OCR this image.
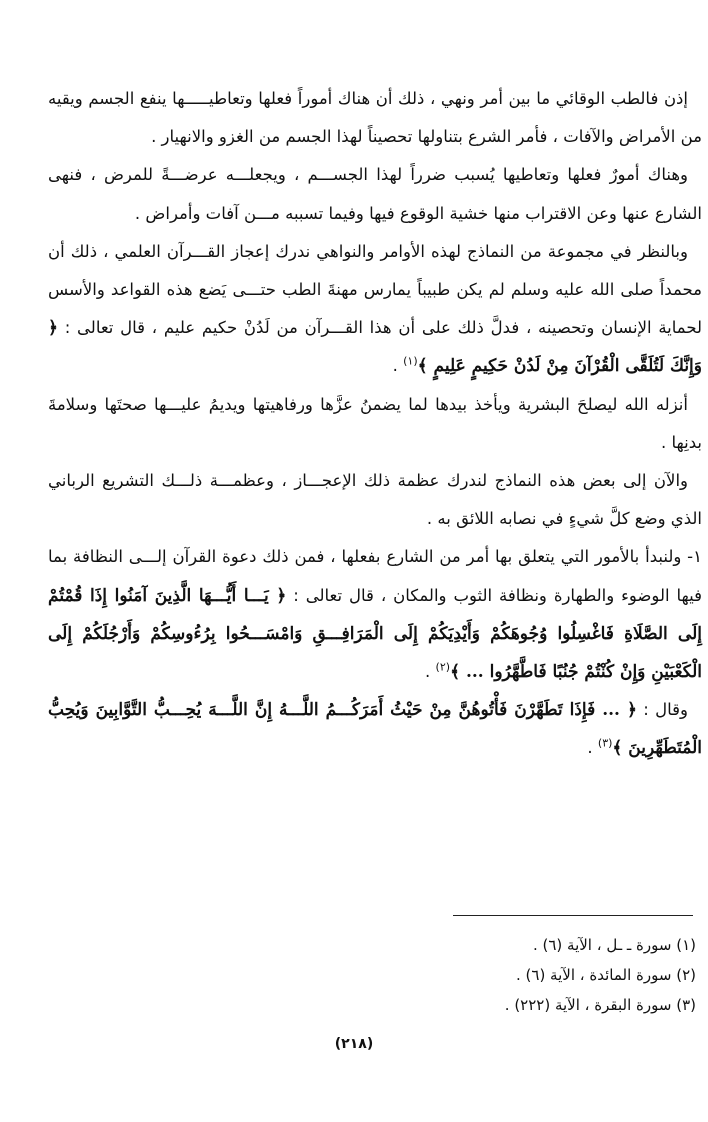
إذن فالطب الوقائي ما بين أمر ونهي ، ذلك أن هناك أموراً فعلها وتعاطيـــــها ينفع الجسم ويقيه من الأمراض والآفات ، فأمر الشرع بتناولها تحصيناً لهذا الجسم من الغزو والانهيار .

وهناك أمورٌ فعلها وتعاطيها يُسبب ضرراً لهذا الجســـم ، ويجعلـــه عرضـــةً للمرض ، فنهى الشارع عنها وعن الاقتراب منها خشية الوقوع فيها وفيما تسببه مـــن آفات وأمراض .

وبالنظر في مجموعة من النماذج لهذه الأوامر والنواهي ندرك إعجاز القـــرآن العلمي ، ذلك أن محمداً صلى الله عليه وسلم لم يكن طبيباً يمارس مهنةَ الطب حتـــى يَضع هذه القواعد والأسس لحماية الإنسان وتحصينه ، فدلَّ ذلك على أن هذا القـــرآن من لَدُنْ حكيم عليم ، قال تعالى : ﴿ وَإِنَّكَ لَتُلَقَّى الْقُرْآنَ مِنْ لَدُنْ حَكِيمٍ عَلِيمٍ ﴾$^{(١)}$ .

أنزله الله ليصلحَ البشرية ويأخذ بيدها لما يضمنُ عزَّها ورفاهيتها ويديمُ عليـــها صحتَها وسلامةَ بدنِها .

والآن إلى بعض هذه النماذج لندرك عظمة ذلك الإعجـــاز ، وعظمـــة ذلـــك التشريع الرباني الذي وضع كلَّ شيءٍ في نصابه اللائق به .

١- ولنبدأ بالأمور التي يتعلق بها أمر من الشارع بفعلها ، فمن ذلك دعوة القرآن إلـــى النظافة بما فيها الوضوء والطهارة ونظافة الثوب والمكان ، قال تعالى : ﴿ يَـــا أَيُّـــهَا الَّذِينَ آمَنُوا إِذَا قُمْتُمْ إِلَى الصَّلَاةِ فَاغْسِلُوا وُجُوهَكُمْ وَأَيْدِيَكُمْ إِلَى الْمَرَافِـــقِ وَامْسَـــحُوا بِرُءُوسِكُمْ وَأَرْجُلَكُمْ إِلَى الْكَعْبَيْنِ وَإِنْ كُنْتُمْ جُنُبًا فَاطَّهَّرُوا ... ﴾$^{(٢)}$ .

وقال : ﴿ ... فَإِذَا تَطَهَّرْنَ فَأْتُوهُنَّ مِنْ حَيْثُ أَمَرَكُـــمُ اللَّـــهُ إِنَّ اللَّـــهَ يُحِـــبُّ التَّوَّابِينَ وَيُحِبُّ الْمُتَطَهِّرِينَ ﴾$^{(٣)}$ .

(١) سورة ـ ـل ، الآية (٦) .
(٢) سورة المائدة ، الآية (٦) .
(٣) سورة البقرة ، الآية (٢٢٢) .
(٢١٨)
